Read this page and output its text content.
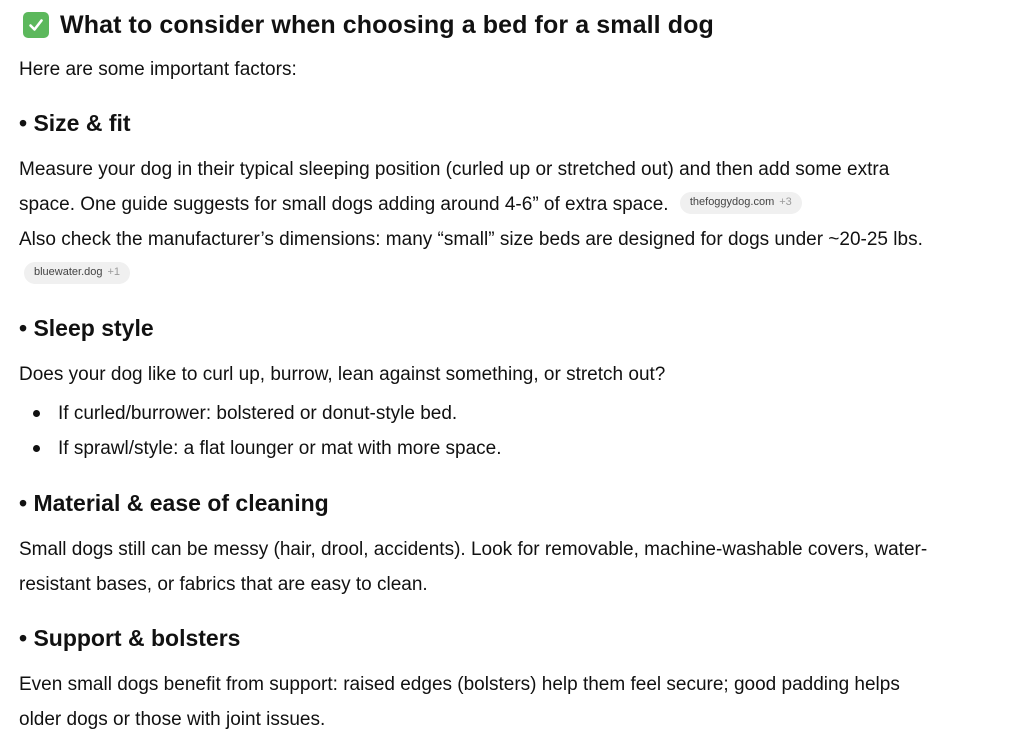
What to consider when choosing a bed for a small dog
Here are some important factors:
• Size & fit
Measure your dog in their typical sleeping position (curled up or stretched out) and then add some extra
space. One guide suggests for small dogs adding around 4-6” of extra space. thefoggydog.com +3
Also check the manufacturer’s dimensions: many “small” size beds are designed for dogs under ~20-25 lbs.
bluewater.dog +1
• Sleep style
Does your dog like to curl up, burrow, lean against something, or stretch out?
If curled/burrower: bolstered or donut-style bed.
If sprawl/style: a flat lounger or mat with more space.
• Material & ease of cleaning
Small dogs still can be messy (hair, drool, accidents). Look for removable, machine-washable covers, water-
resistant bases, or fabrics that are easy to clean.
• Support & bolsters
Even small dogs benefit from support: raised edges (bolsters) help them feel secure; good padding helps
older dogs or those with joint issues.
